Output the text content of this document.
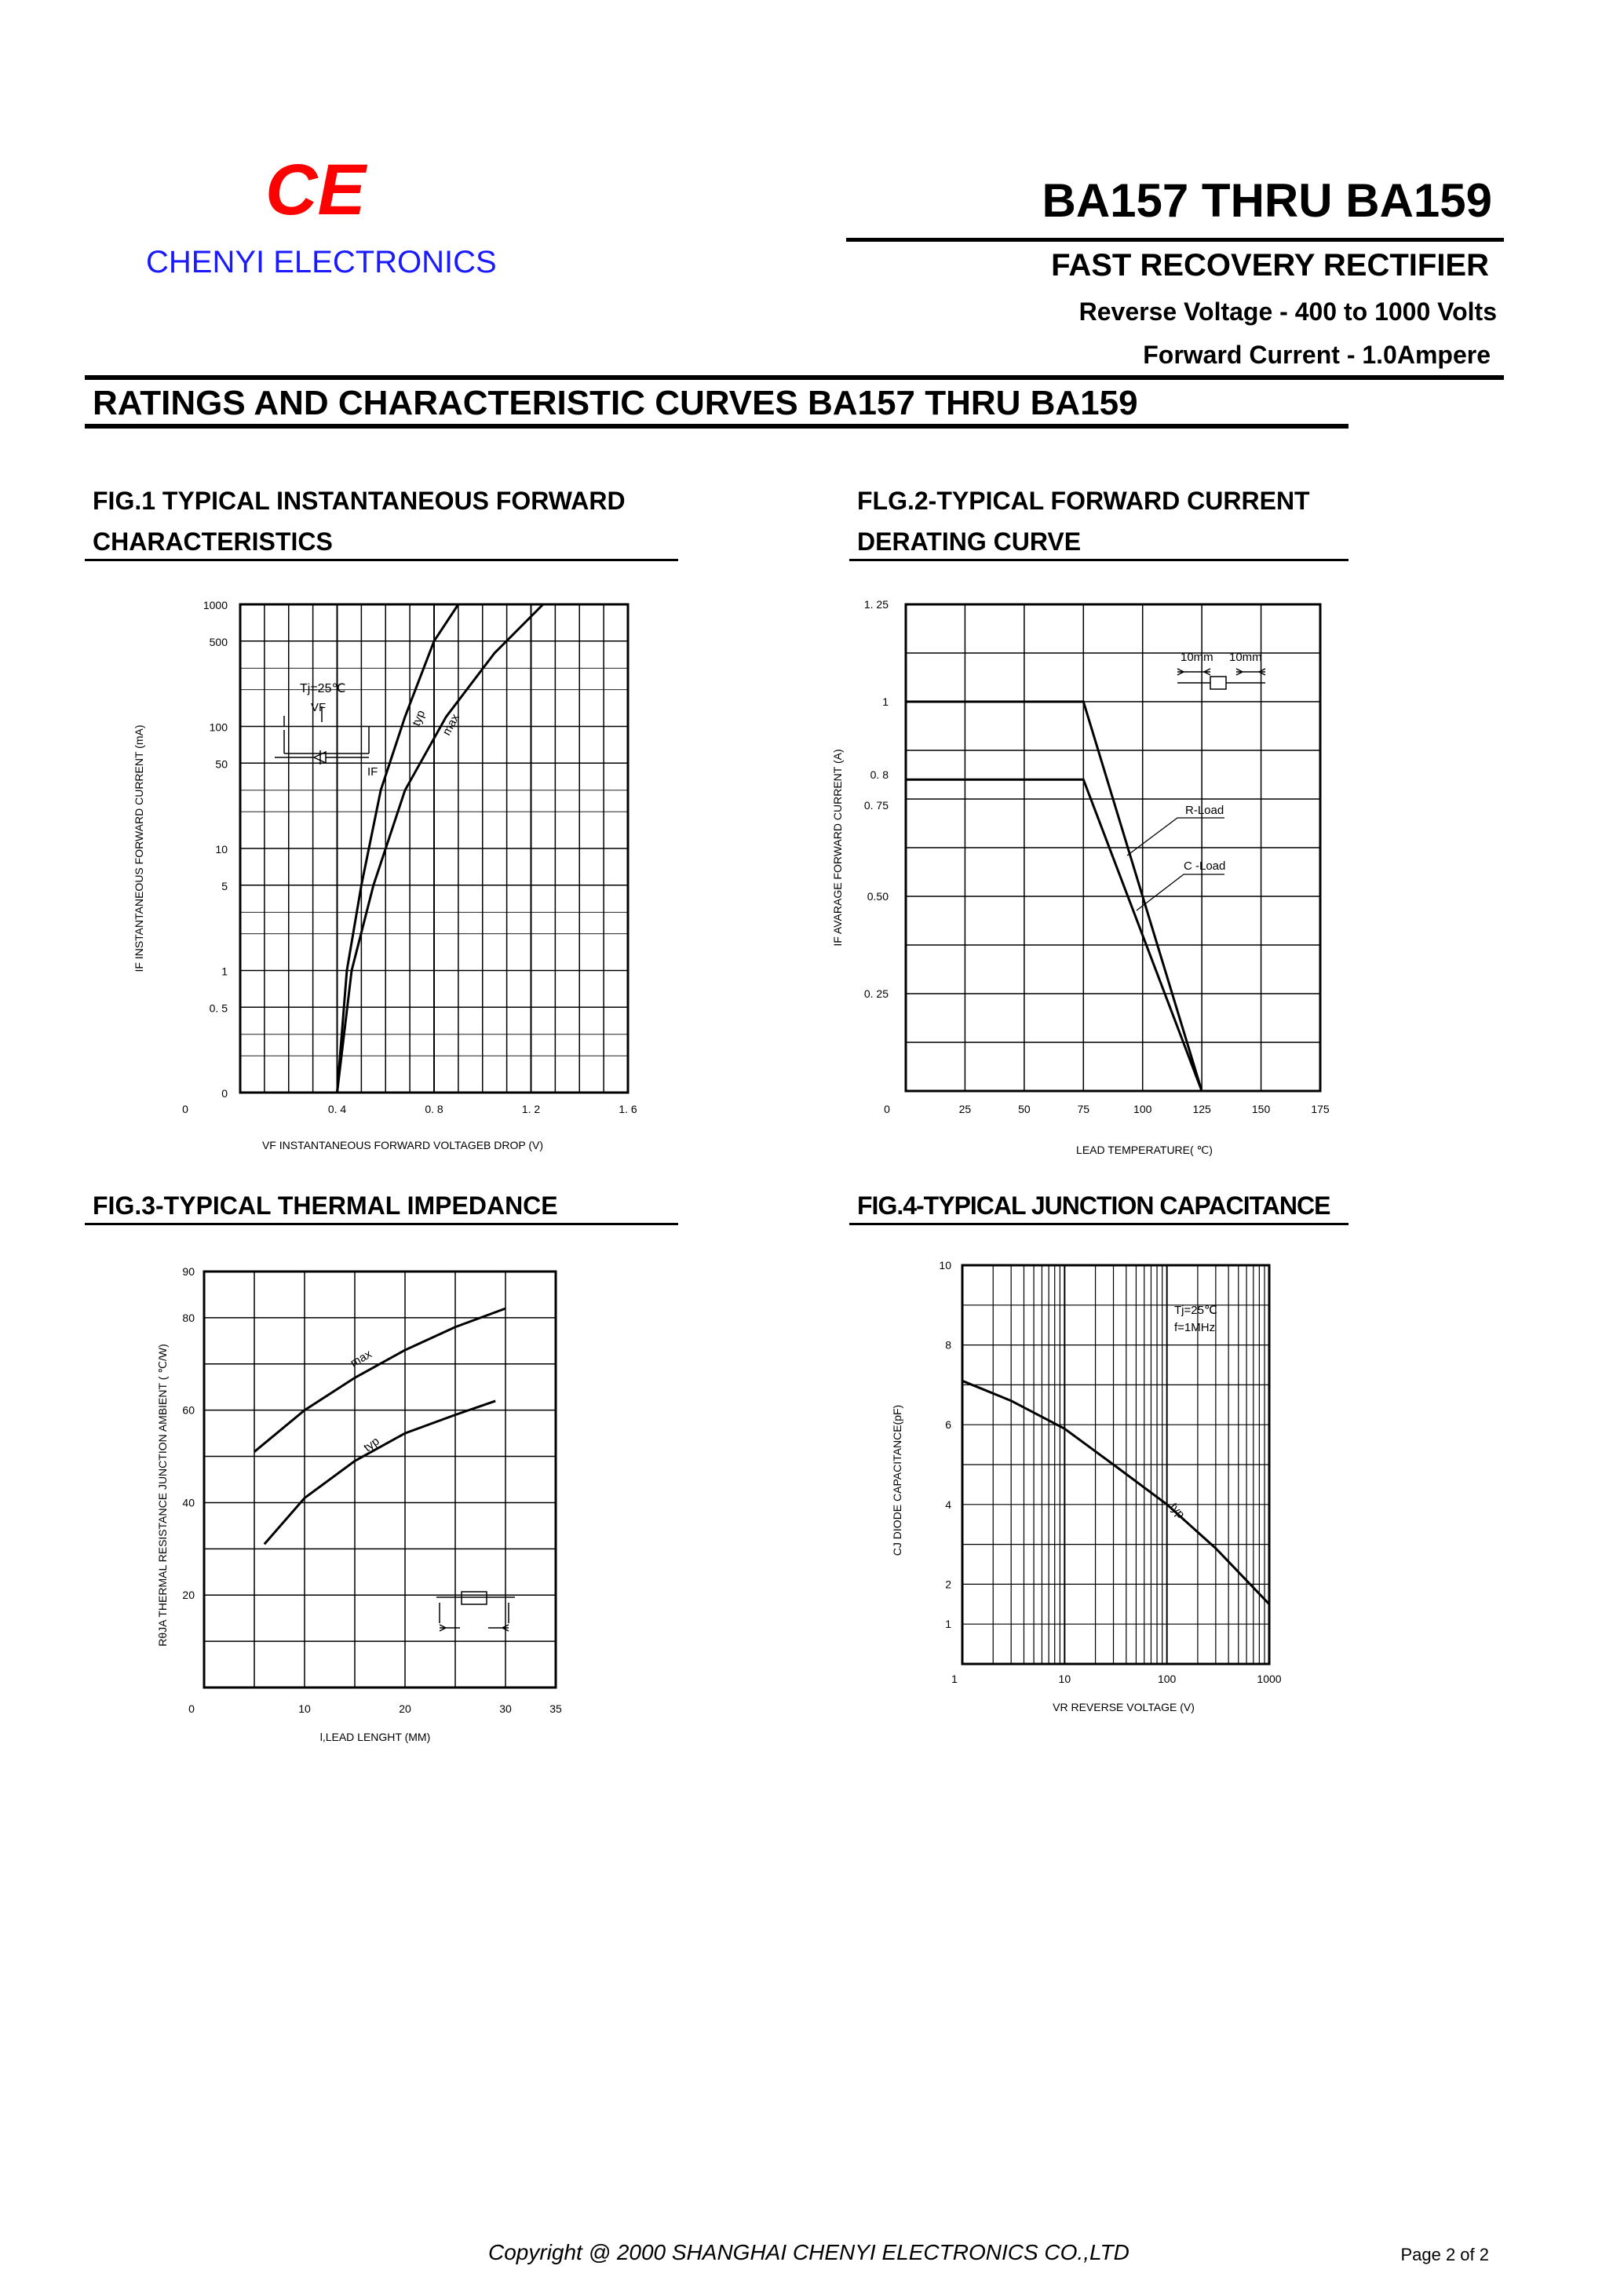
CE
CHENYI ELECTRONICS
BA157 THRU BA159
FAST RECOVERY RECTIFIER
Reverse Voltage - 400 to 1000 Volts
Forward Current - 1.0Ampere
RATINGS AND CHARACTERISTIC CURVES BA157 THRU BA159
FIG.1 TYPICAL INSTANTANEOUS FORWARD
CHARACTERISTICS
FLG.2-TYPICAL FORWARD CURRENT
DERATING CURVE
FIG.3-TYPICAL THERMAL IMPEDANCE	FIG.4-TYPICAL JUNCTION CAPACITANCE
1000
500
100
50
10
5
1
0. 5
0
0	0. 4	0. 8	1. 2	1. 6
VF INSTANTANEOUS FORWARD VOLTAGEB DROP (V)
IF INSTANTANEOUS FORWARD CURRENT (mA)
Tj=25℃
VF
IF
typ max
1. 25
1
0. 8
0. 75
0.50
0. 25
0	25	50	75	100	125	150	175
LEAD TEMPERATURE( ℃)
IF AVARAGE FORWARD CURRENT (A)
10mm 10mm
R-Load
C -Load
90
80
60
40
20
0	10	20	30	35
l,LEAD LENGHT (MM)
RθJA THERMAL RESISTANCE JUNCTION AMBIENT ( ℃/W)	max
typ
10
8
6
4
2
1
1	10	100	1000
VR REVERSE VOLTAGE (V)
CJ DIODE CAPACITANCE(pF)
Tj=25℃
f=1MHz
typ
Copyright @ 2000 SHANGHAI CHENYI ELECTRONICS CO.,LTD	Page 2 of 2
